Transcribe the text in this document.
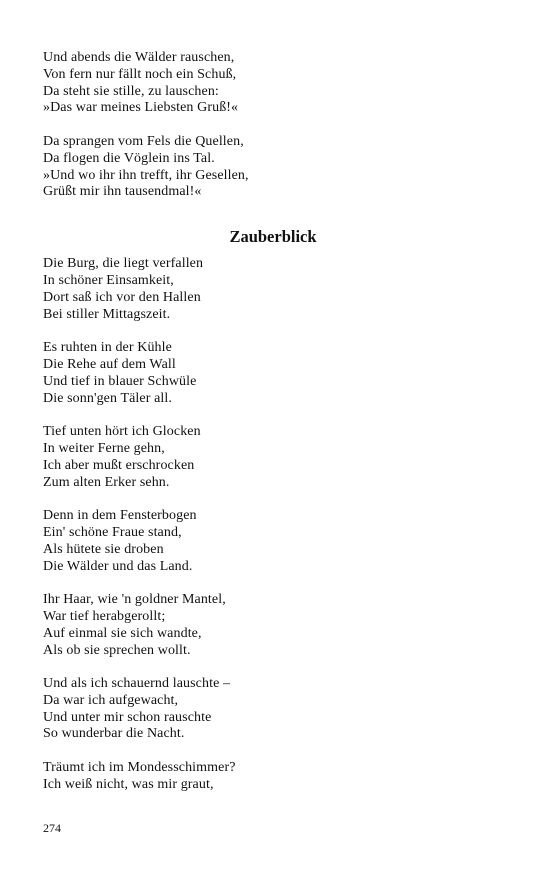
Und abends die Wälder rauschen,
Von fern nur fällt noch ein Schuß,
Da steht sie stille, zu lauschen:
»Das war meines Liebsten Gruß!«
Da sprangen vom Fels die Quellen,
Da flogen die Vöglein ins Tal.
»Und wo ihr ihn trefft, ihr Gesellen,
Grüßt mir ihn tausendmal!«
Zauberblick
Die Burg, die liegt verfallen
In schöner Einsamkeit,
Dort saß ich vor den Hallen
Bei stiller Mittagszeit.
Es ruhten in der Kühle
Die Rehe auf dem Wall
Und tief in blauer Schwüle
Die sonn'gen Täler all.
Tief unten hört ich Glocken
In weiter Ferne gehn,
Ich aber mußt erschrocken
Zum alten Erker sehn.
Denn in dem Fensterbogen
Ein' schöne Fraue stand,
Als hütete sie droben
Die Wälder und das Land.
Ihr Haar, wie 'n goldner Mantel,
War tief herabgerollt;
Auf einmal sie sich wandte,
Als ob sie sprechen wollt.
Und als ich schauernd lauschte –
Da war ich aufgewacht,
Und unter mir schon rauschte
So wunderbar die Nacht.
Träumt ich im Mondesschimmer?
Ich weiß nicht, was mir graut,
274
